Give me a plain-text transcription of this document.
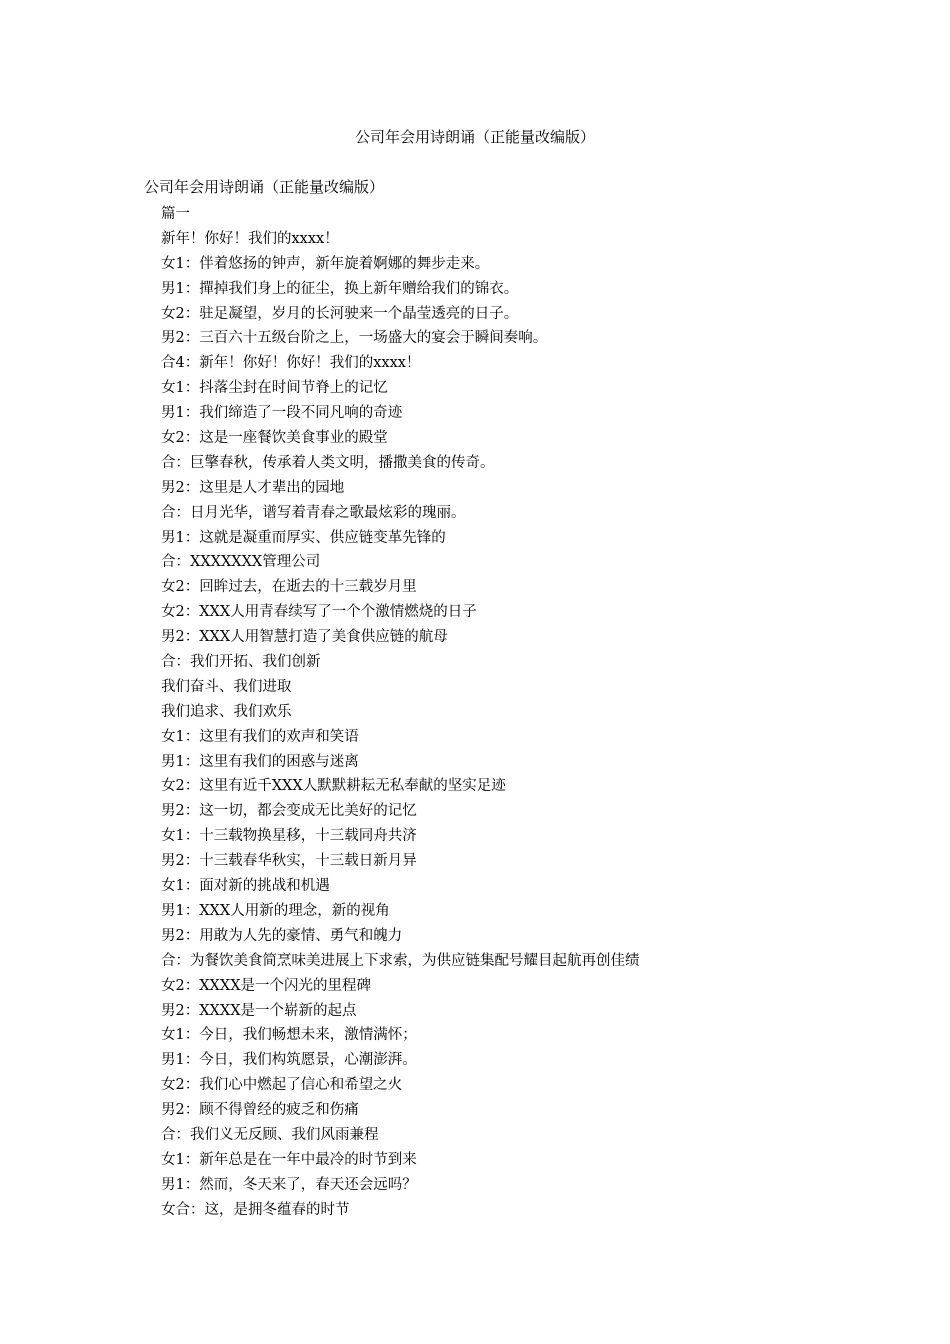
公司年会用诗朗诵（正能量改编版）
公司年会用诗朗诵（正能量改编版）
篇一
新年！你好！我们的xxxx！
女1：伴着悠扬的钟声，新年旋着婀娜的舞步走来。
男1：撣掉我们身上的征尘，换上新年赠给我们的锦衣。
女2：驻足凝望，岁月的长河驶来一个晶莹透亮的日子。
男2：三百六十五级台阶之上，一场盛大的宴会于瞬间奏响。
合4：新年！你好！你好！我们的xxxx！
女1：抖落尘封在时间节脊上的记忆
男1：我们缔造了一段不同凡响的奇迹
女2：这是一座餐饮美食事业的殿堂
合：巨擎春秋，传承着人类文明，播撒美食的传奇。
男2：这里是人才辈出的园地
合：日月光华，谱写着青春之歌最炫彩的瑰丽。
男1：这就是凝重而厚实、供应链变革先锋的
合：XXXXXXX管理公司
女2：回眸过去，在逝去的十三载岁月里
女2：XXX人用青春续写了一个个激情燃烧的日子
男2：XXX人用智慧打造了美食供应链的航母
合：我们开拓、我们创新
我们奋斗、我们进取
我们追求、我们欢乐
女1：这里有我们的欢声和笑语
男1：这里有我们的困惑与迷离
女2：这里有近千XXX人默默耕耘无私奉献的坚实足迹
男2：这一切，都会变成无比美好的记忆
女1：十三载物换星移，十三载同舟共济
男2：十三载春华秋实，十三载日新月异
女1：面对新的挑战和机遇
男1：XXX人用新的理念，新的视角
男2：用敢为人先的豪情、勇气和魄力
合：为餐饮美食简烹味美进展上下求索，为供应链集配号耀目起航再创佳绩
女2：XXXX是一个闪光的里程碑
男2：XXXX是一个崭新的起点
女1：今日，我们畅想未来，激情满怀；
男1：今日，我们构筑愿景，心潮澎湃。
女2：我们心中燃起了信心和希望之火
男2：顾不得曾经的疲乏和伤痛
合：我们义无反顾、我们风雨兼程
女1：新年总是在一年中最冷的时节到来
男1：然而，冬天来了，春天还会远吗？
女合：这，是拥冬蕴春的时节
